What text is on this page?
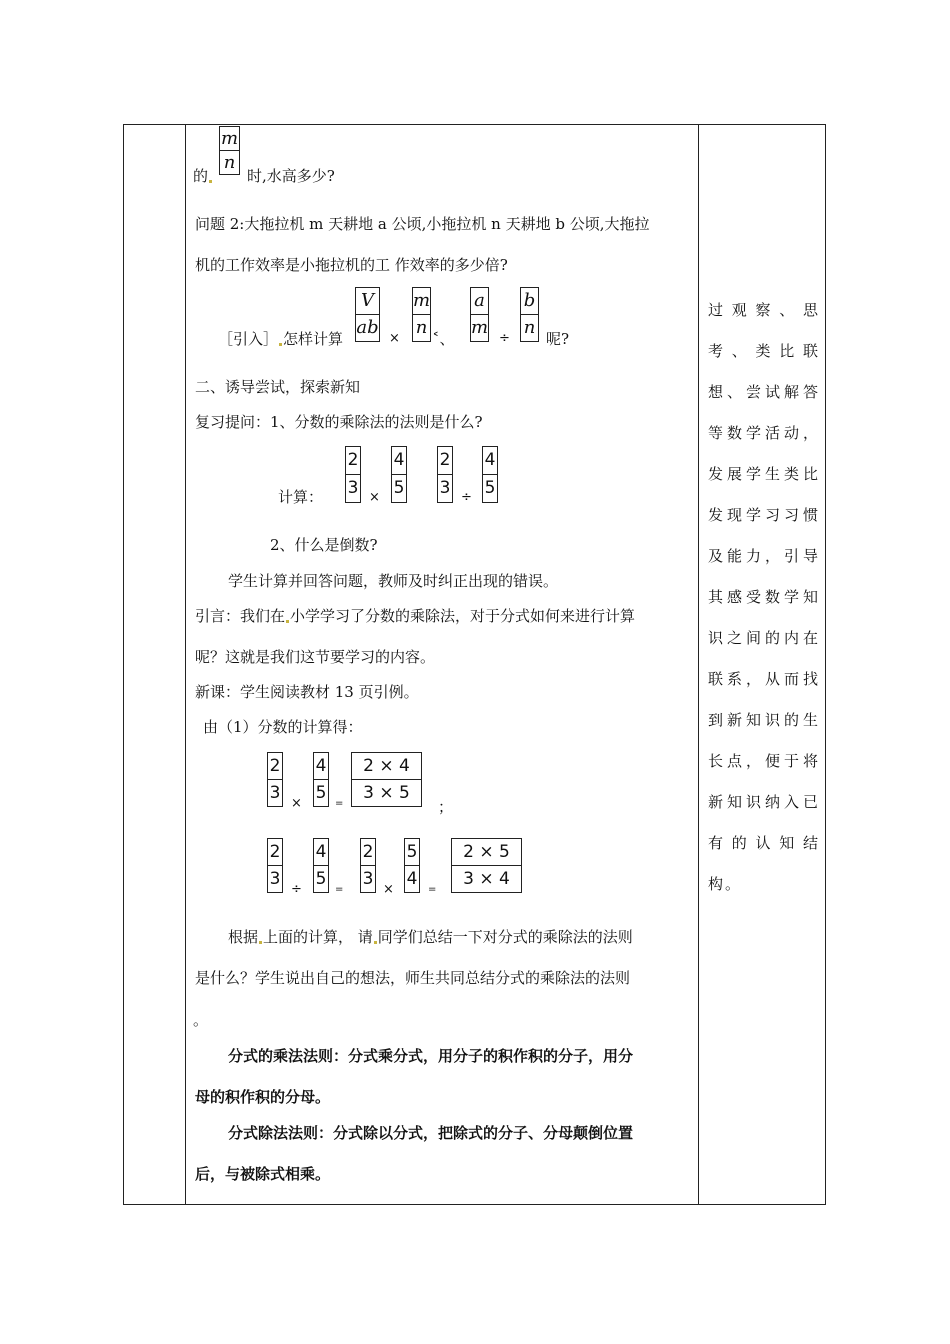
的
$\frac{m}{n}$
时,水高多少?
问题 2:大拖拉机 m 天耕地 a 公顷,小拖拉机 n 天耕地 b 公顷,大拖拉
机的工作效率是小拖拉机的工 作效率的多少倍?
［引入］ 怎样计算 $\frac{V}{ab} \times \frac{m}{n}$ ˂、 $\frac{a}{m} \div \frac{b}{n}$ 呢?
二、诱导尝试，探索新知
复习提问：1、分数的乘除法的法则是什么?
计算： $\frac{2}{3} \times \frac{4}{5} \frac{2}{3} \div \frac{4}{5}$
2、什么是倒数?
学生计算并回答问题，教师及时纠正出现的错误。
引言：我们在 小学学习了分数的乘除法，对于分式如何来进行计算
呢？这就是我们这节要学习的内容。
新课：学生阅读教材 13 页引例。
由（1）分数的计算得：
$\frac{2}{3} \times \frac{4}{5} = \frac{2 \times 4}{3 \times 5}$ ；
$\frac{2}{3} \div \frac{4}{5} = \frac{2}{3} \times \frac{5}{4} = \frac{2 \times 5}{3 \times 4}$
根据 上面的计算， 请 同学们总结一下对分式的乘除法的法则
是什么？学生说出自己的想法，师生共同总结分式的乘除法的法则
。
分式的乘法法则：分式乘分式，用分子的积作积的分子，用分
母的积作积的分母。
分式除法法则：分式除以分式，把除式的分子、分母颠倒位置
后，与被除式相乘。
过观察、思考、类比联想、尝试解答等数学活动，发展学生类比发现学习习惯及能力，引导其感受数学知识之间的内在联系，从而找到新知识的生长点，便于将新知识纳入已有的认知结构。
